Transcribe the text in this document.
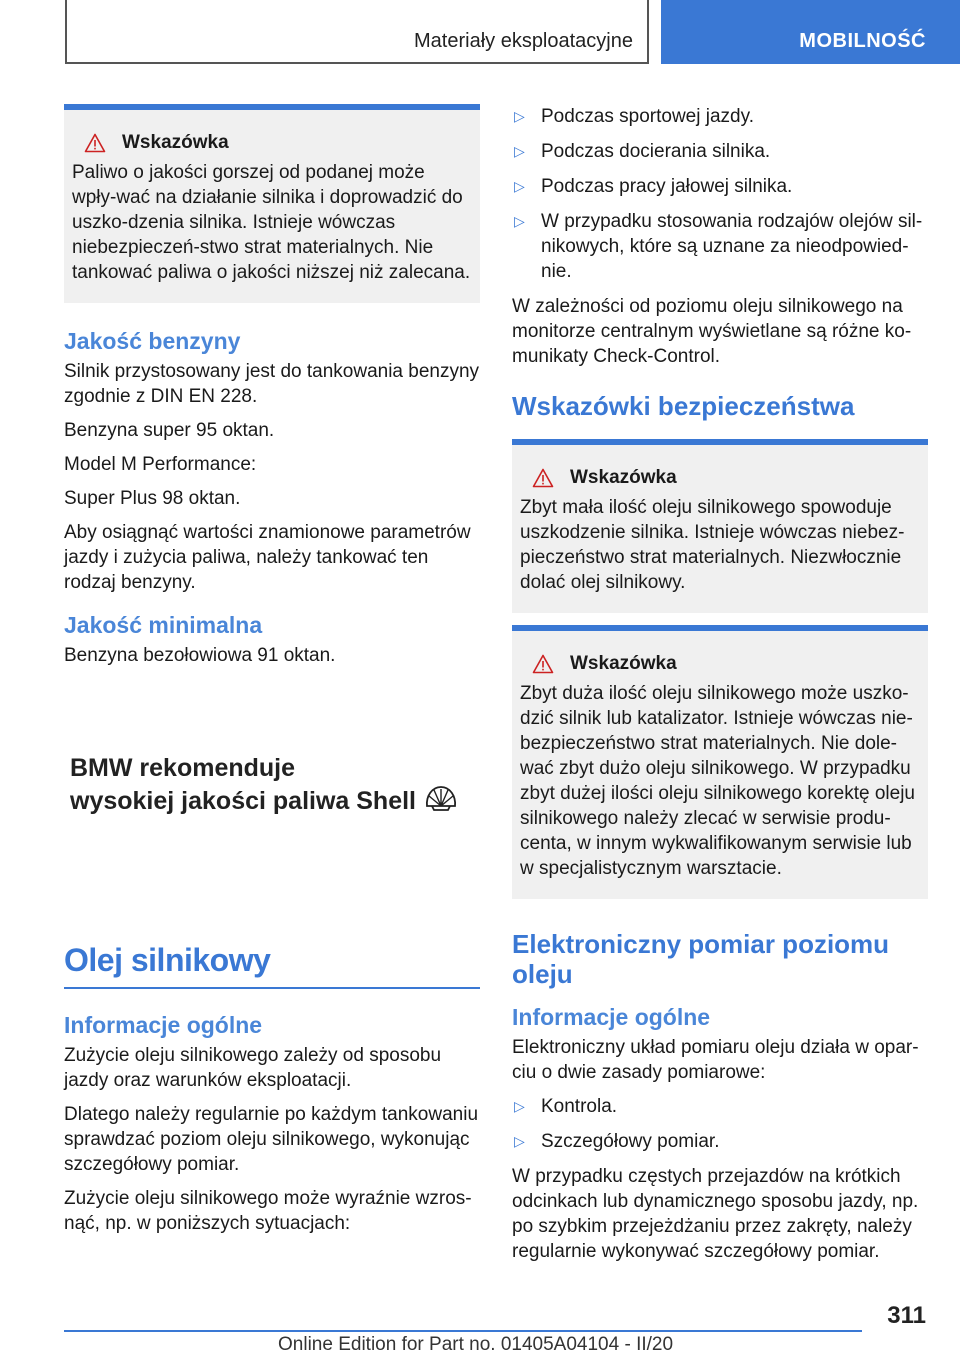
Materiały eksploatacyjne	MOBILNOŚĆ
Wskazówka
Paliwo o jakości gorszej od podanej może wpły-wać na działanie silnika i doprowadzić do uszko-dzenia silnika. Istnieje wówczas niebezpieczeń-stwo strat materialnych. Nie tankować paliwa o jakości niższej niż zalecana.
Jakość benzyny
Silnik przystosowany jest do tankowania benzyny zgodnie z DIN EN 228.
Benzyna super 95 oktan.
Model M Performance:
Super Plus 98 oktan.
Aby osiągnąć wartości znamionowe parametrów jazdy i zużycia paliwa, należy tankować ten rodzaj benzyny.
Jakość minimalna
Benzyna bezołowiowa 91 oktan.
BMW rekomenduje
wysokiej jakości paliwa Shell
Olej silnikowy
Informacje ogólne
Zużycie oleju silnikowego zależy od sposobu jazdy oraz warunków eksploatacji.
Dlatego należy regularnie po każdym tankowaniu sprawdzać poziom oleju silnikowego, wykonując szczegółowy pomiar.
Zużycie oleju silnikowego może wyraźnie wzros-nąć, np. w poniższych sytuacjach:
▷ Podczas sportowej jazdy.
▷ Podczas docierania silnika.
▷ Podczas pracy jałowej silnika.
▷ W przypadku stosowania rodzajów olejów sil-nikowych, które są uznane za nieodpowied-nie.
W zależności od poziomu oleju silnikowego na monitorze centralnym wyświetlane są różne ko-munikaty Check-Control.
Wskazówki bezpieczeństwa
Wskazówka
Zbyt mała ilość oleju silnikowego spowoduje uszkodzenie silnika. Istnieje wówczas niebez-pieczeństwo strat materialnych. Niezwłocznie dolać olej silnikowy.
Wskazówka
Zbyt duża ilość oleju silnikowego może uszko-dzić silnik lub katalizator. Istnieje wówczas nie-bezpieczeństwo strat materialnych. Nie dole-wać zbyt dużo oleju silnikowego. W przypadku zbyt dużej ilości oleju silnikowego korektę oleju silnikowego należy zlecać w serwisie produ-centa, w innym wykwalifikowanym serwisie lub w specjalistycznym warsztacie.
Elektroniczny pomiar poziomu oleju
Informacje ogólne
Elektroniczny układ pomiaru oleju działa w opar-ciu o dwie zasady pomiarowe:
▷ Kontrola.
▷ Szczegółowy pomiar.
W przypadku częstych przejazdów na krótkich odcinkach lub dynamicznego sposobu jazdy, np. po szybkim przejeżdżaniu przez zakręty, należy regularnie wykonywać szczegółowy pomiar.
311
Online Edition for Part no. 01405A04104 - II/20
